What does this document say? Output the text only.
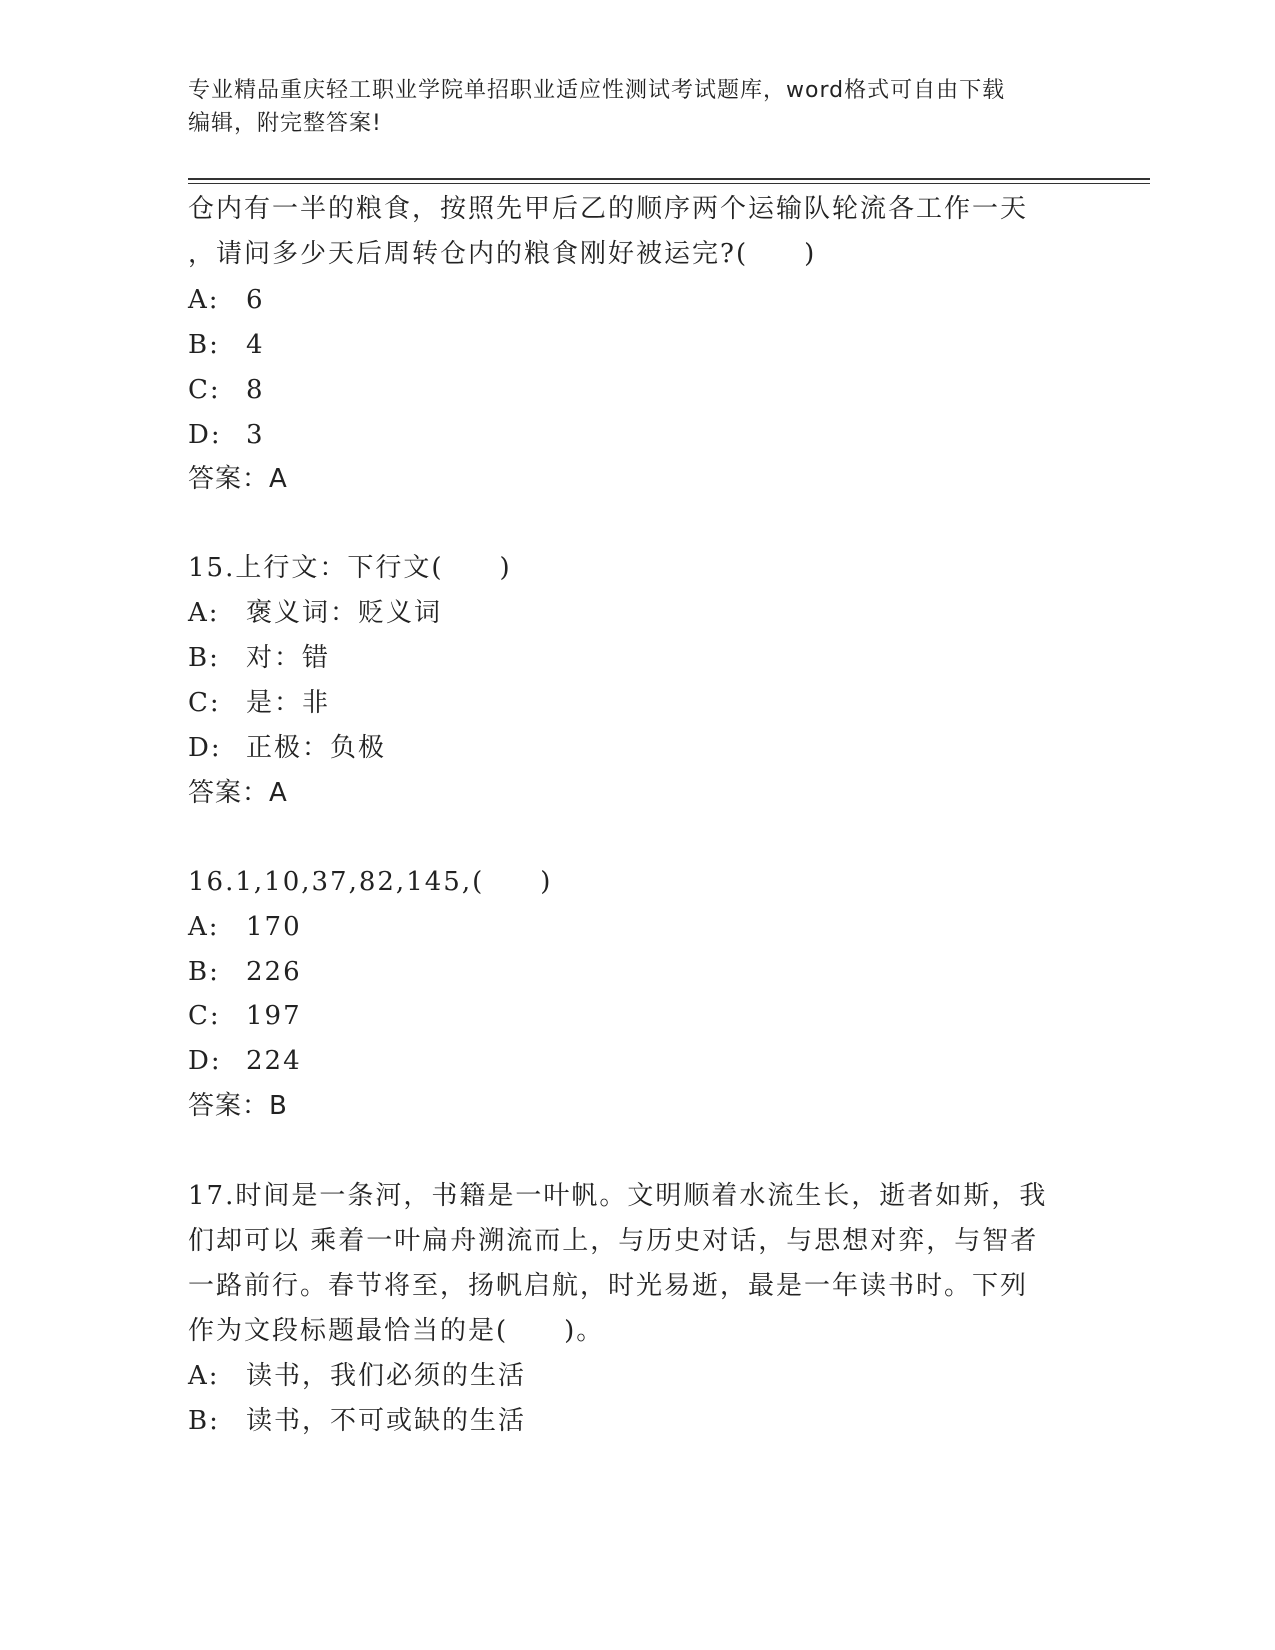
专业精品重庆轻工职业学院单招职业适应性测试考试题库，word格式可自由下载
编辑，附完整答案!
仓内有一半的粮食，按照先甲后乙的顺序两个运输队轮流各工作一天
，请问多少天后周转仓内的粮食刚好被运完?(　　)
A: 6
B: 4
C: 8
D: 3
答案：A
15.上行文：下行文(　　)
A: 褒义词：贬义词
B: 对：错
C: 是：非
D: 正极：负极
答案：A
16.1,10,37,82,145,(　　)
A: 170
B: 226
C: 197
D: 224
答案：B
17.时间是一条河，书籍是一叶帆。文明顺着水流生长，逝者如斯，我
们却可以 乘着一叶扁舟溯流而上，与历史对话，与思想对弈，与智者
一路前行。春节将至，扬帆启航，时光易逝，最是一年读书时。下列
作为文段标题最恰当的是(　　)。
A: 读书，我们必须的生活
B: 读书，不可或缺的生活
